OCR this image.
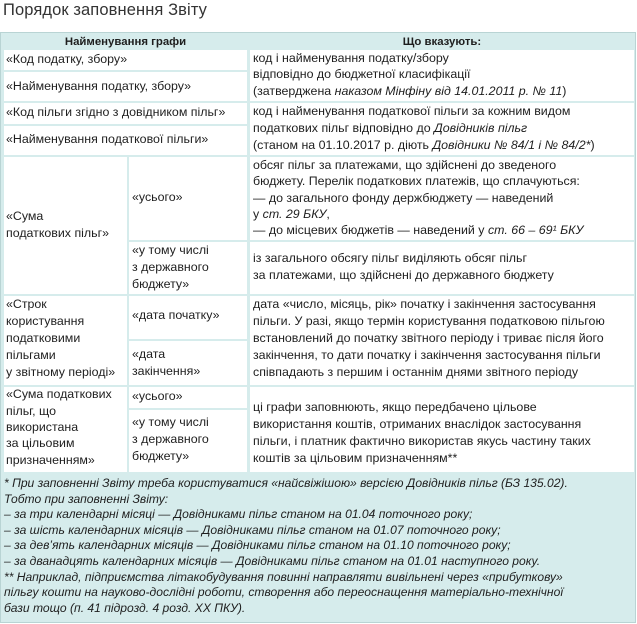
Порядок заповнення Звіту
Найменування графи	Що вказують:
«Код податку, збору»
«Найменування податку, збору»
код і найменування податку/збору
відповідно до бюджетної класифікації
(затверджена наказом Мінфіну від 14.01.2011 р. № 11)
«Код пільги згідно з довідником пільг»
«Найменування податкової пільги»
код і найменування податкової пільги за кожним видом
податкових пільг відповідно до Довідників пільг
(станом на 01.10.2017 р. діють Довідники № 84/1 і № 84/2*)
«Сума
податкових пільг»
«усього»
обсяг пільг за платежами, що здійснені до зведеного
бюджету. Перелік податкових платежів, що сплачуються:
— до загального фонду держбюджету — наведений
у ст. 29 БКУ,
— до місцевих бюджетів — наведений у ст. 66 – 69¹ БКУ
«у тому числі
з державного
бюджету»
із загального обсягу пільг виділяють обсяг пільг
за платежами, що здійснені до державного бюджету
«Строк
користування
податковими
пільгами
у звітному періоді»
«дата початку»
«дата
закінчення»
дата «число, місяць, рік» початку і закінчення застосування
пільги. У разі, якщо термін користування податковою пільгою
встановлений до початку звітного періоду і триває після його
закінчення, то дати початку і закінчення застосування пільги
співпадають з першим і останнім днями звітного періоду
«Сума податкових
пільг, що
використана
за цільовим
призначенням»
«усього»
«у тому числі
з державного
бюджету»
ці графи заповнюють, якщо передбачено цільове
використання коштів, отриманих внаслідок застосування
пільги, і платник фактично використав якусь частину таких
коштів за цільовим призначенням**
* При заповненні Звіту треба користуватися «найсвіжішою» версією Довідників пільг (БЗ 135.02).
Тобто при заповненні Звіту:
– за три календарні місяці — Довідниками пільг станом на 01.04 поточного року;
– за шість календарних місяців — Довідниками пільг станом на 01.07 поточного року;
– за дев’ять календарних місяців — Довідниками пільг станом на 01.10 поточного року;
– за дванадцять календарних місяців — Довідниками пільг станом на 01.01 наступного року.
** Наприклад, підприємства літакобудування повинні направляти вивільнені через «прибуткову»
пільгу кошти на науково-дослідні роботи, створення або переоснащення матеріально-технічної
бази тощо (п. 41 підрозд. 4 розд. ХХ ПКУ).
